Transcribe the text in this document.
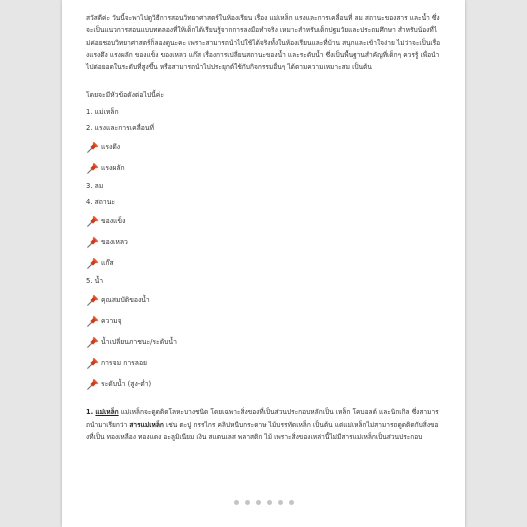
สวัสดีค่ะ วันนี้จะพาไปดูวิธีการสอนวิทยาศาสตร์ในห้องเรียน เรื่อง แม่เหล็ก แรงและการเคลื่อนที่ ลม สถานะของสาร และน้ำ ซึ่งจะเป็นแนวการสอนแบบทดลองที่ให้เด็กได้เรียนรู้จากการลงมือทำจริง เหมาะสำหรับเด็กปฐมวัยและประถมศึกษา สำหรับน้องที่ไม่ค่อยชอบวิทยาศาสตร์ก็ลองดูนะคะ เพราะสามารถนำไปใช้ได้จริงทั้งในห้องเรียนและที่บ้าน สนุกและเข้าใจง่าย ไม่ว่าจะเป็นเรื่องแรงดึง แรงผลัก ของแข็ง ของเหลว แก๊ส เรื่องการเปลี่ยนสถานะของน้ำ และระดับน้ำ ซึ่งเป็นพื้นฐานสำคัญที่เด็กๆ ควรรู้ เพื่อนำไปต่อยอดในระดับที่สูงขึ้น หรือสามารถนำไปประยุกต์ใช้กับกิจกรรมอื่นๆ ได้ตามความเหมาะสม เป็นต้น

โดยจะมีหัวข้อดังต่อไปนี้ค่ะ

1. แม่เหล็ก
2. แรงและการเคลื่อนที่
แรงดึง
แรงผลัก
3. ลม
4. สถานะ
ของแข็ง
ของเหลว
แก๊ส
5. น้ำ
คุณสมบัติของน้ำ
ความจุ
น้ำเปลี่ยนภาชนะ/ระดับน้ำ
การจม การลอย
ระดับน้ำ (สูง-ต่ำ)

1. แม่เหล็ก แม่เหล็กจะดูดติดโลหะบางชนิด โดยเฉพาะสิ่งของที่เป็นส่วนประกอบหลักเป็น เหล็ก โคบอลต์ และนิกเกิล ซึ่งสามารถนำมาเรียกว่า สารแม่เหล็ก เช่น ตะปู กรรไกร คลิปหนีบกระดาษ ไม้บรรทัดเหล็ก เป็นต้น แต่แม่เหล็กไม่สามารถดูดติดกับสิ่งของที่เป็น ทองเหลือง ทองแดง อะลูมิเนียม เงิน สแตนเลส พลาสติก ไม้ เพราะสิ่งของเหล่านี้ไม่มีสารแม่เหล็กเป็นส่วนประกอบ
